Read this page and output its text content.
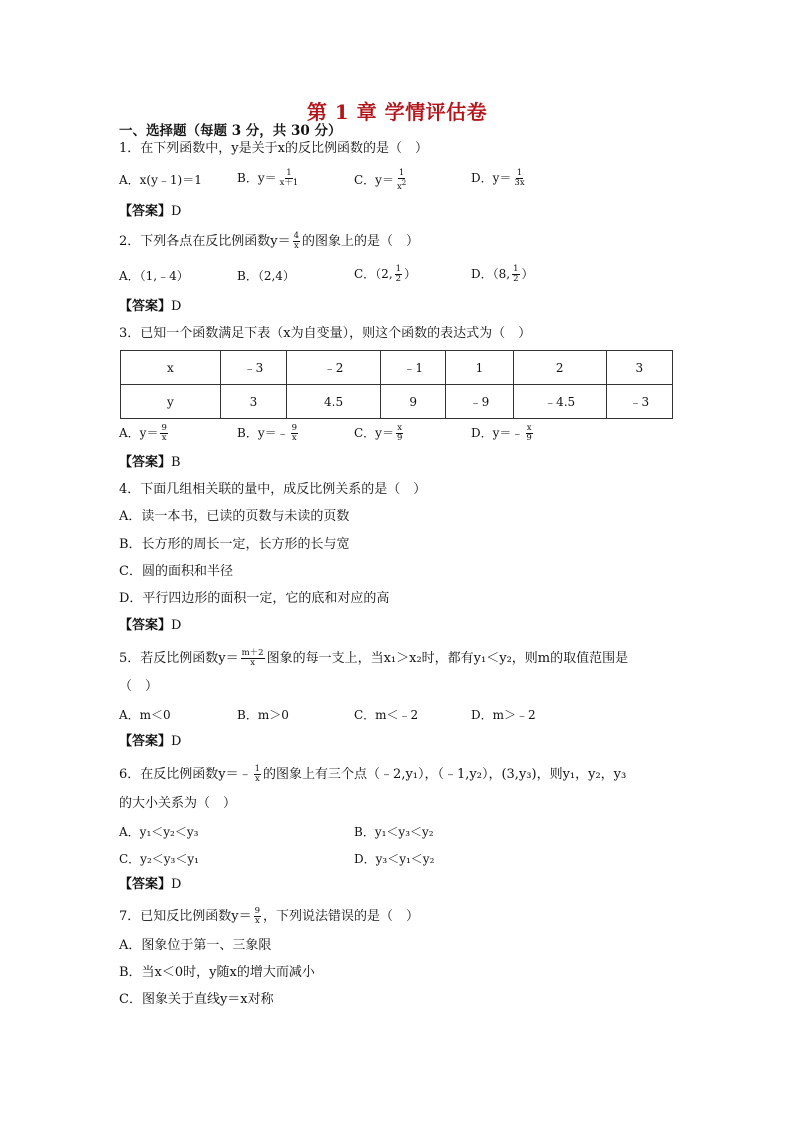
第 1 章 学情评估卷
一、选择题（每题 3 分，共 30 分）
1．在下列函数中，y是关于x的反比例函数的是（　）
A．x(y﹣1)＝1	B．$y= \frac{1}{x+1}$	C．$y= \frac{1}{x^2}$	D．$y= \frac{1}{3x}$
【答案】D
2．下列各点在反比例函数$y= \frac{4}{x}$ 的图象上的是（　）
A．（1,﹣4）	B．（2,4）	C．（2, $\frac{1}{2}$ ）	D．（8, $\frac{1}{2}$ ）
【答案】D
3．已知一个函数满足下表（x为自变量），则这个函数的表达式为（　）
x	﹣3	﹣2	﹣1	1	2	3
y	3	4.5	9	﹣9	﹣4.5	﹣3
A．$y= \frac{9}{x}$	B．y＝﹣ $\frac{9}{x}$	C．$y= \frac{x}{9}$	D．y＝﹣ $\frac{x}{9}$
【答案】B
4．下面几组相关联的量中，成反比例关系的是（　）
A．读一本书，已读的页数与未读的页数
B．长方形的周长一定，长方形的长与宽
C．圆的面积和半径
D．平行四边形的面积一定，它的底和对应的高
【答案】D
5．若反比例函数$y= \frac{m+2}{x}$ 图象的每一支上，当x₁＞x₂时，都有y₁＜y₂，则m的取值范围是
（　）
A．m＜0	B．m＞0	C．m＜﹣2	D．m＞﹣2
【答案】D
6．在反比例函数y＝﹣ $\frac{1}{x}$ 的图象上有三个点（﹣2,y₁），（﹣1,y₂），(3,y₃)，则y₁，y₂，y₃
的大小关系为（　）
A．y₁＜y₂＜y₃	B．y₁＜y₃＜y₂
C．y₂＜y₃＜y₁	D．y₃＜y₁＜y₂
【答案】D
7．已知反比例函数$y= \frac{9}{x}$ ，下列说法错误的是（　）
A．图象位于第一、三象限
B．当x＜0时，y随x的增大而减小
C．图象关于直线y＝x对称
